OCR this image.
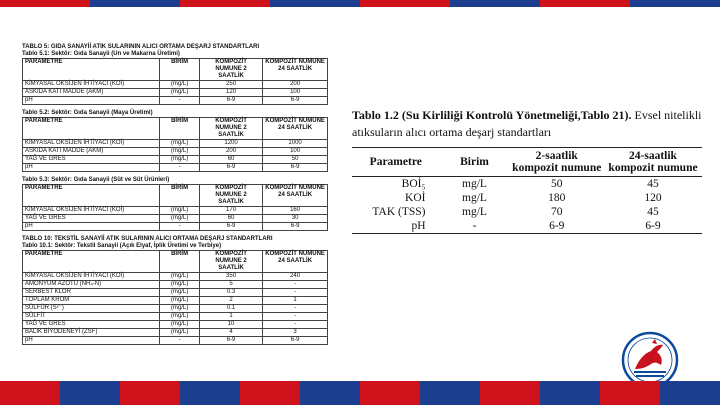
TABLO 5: GIDA SANAYİİ ATIK SULARININ ALICI ORTAMA DEŞARJ STANDARTLARI

Tablo 5.1: Sektör: Gıda Sanayii (Un ve Makarna Üretimi)

PARAMETRE	BİRİM	KOMPOZİT NUMUNE 2 SAATLİK	KOMPOZİT NUMUNE 24 SAATLİK
KİMYASAL OKSİJEN İHTİYACI (KOİ)	(mg/L)	250	200
ASKIDA KATI MADDE (AKM)	(mg/L)	120	100
pH	-	6-9	6-9

Tablo 5.2: Sektör: Gıda Sanayii (Maya Üretimi)

PARAMETRE	BİRİM	KOMPOZİT NUMUNE 2 SAATLİK	KOMPOZİT NUMUNE 24 SAATLİK
KİMYASAL OKSİJEN İHTİYACI (KOİ)	(mg/L)	1200	1000
ASKIDA KATI MADDE (AKM)	(mg/L)	200	100
YAĞ VE GRES	(mg/L)	60	50
pH	-	6-9	6-9

Tablo 5.3: Sektör: Gıda Sanayii (Süt ve Süt Ürünleri)

PARAMETRE	BİRİM	KOMPOZİT NUMUNE 2 SAATLİK	KOMPOZİT NUMUNE 24 SAATLİK
KİMYASAL OKSİJEN İHTİYACI (KOİ)	(mg/L)	170	160
YAĞ VE GRES	(mg/L)	60	30
pH	-	6-9	6-9

TABLO 10: TEKSTİL SANAYİİ ATIK SULARININ ALICI ORTAMA DEŞARJ STANDARTLARI

Tablo 10.1: Sektör: Tekstil Sanayii (Açık Elyaf, İplik Üretimi ve Terbiye)

PARAMETRE	BİRİM	KOMPOZİT NUMUNE 2 SAATLİK	KOMPOZİT NUMUNE 24 SAATLİK
KİMYASAL OKSİJEN İHTİYACI (KOİ)	(mg/L)	350	240
AMONYUM AZOTU (NH₄-N)	(mg/L)	5	-
SERBEST KLOR	(mg/L)	0.3	-
TOPLAM KROM	(mg/L)	2	1
SÜLFÜR (S²⁻)	(mg/L)	0.1	-
SÜLFİT	(mg/L)	1	-
YAĞ VE GRES	(mg/L)	10	-
BALIK BİYODENEYİ (ZSF)	(mg/L)	4	3
pH	-	6-9	6-9

Tablo 1.2 (Su Kirliliği Kontrolü Yönetmeliği,Tablo 21). Evsel nitelikli atıksuların alıcı ortama deşarj standartları

Parametre	Birim	2-saatlik kompozit numune	24-saatlik kompozit numune
BOİ₅	mg/L	50	45
KOİ	mg/L	180	120
TAK (TSS)	mg/L	70	45
pH	-	6-9	6-9
